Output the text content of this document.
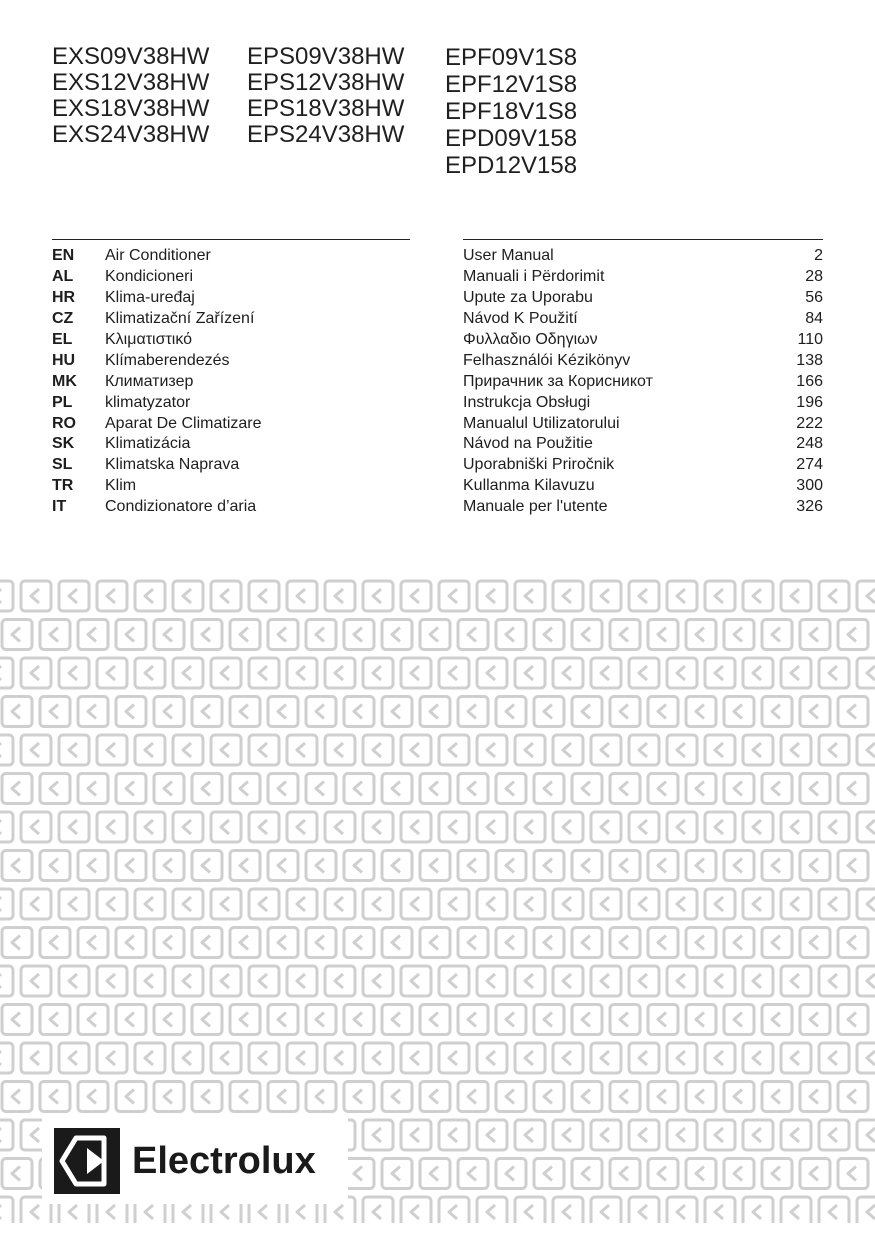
EXS09V38HW
EXS12V38HW
EXS18V38HW
EXS24V38HW
EPS09V38HW
EPS12V38HW
EPS18V38HW
EPS24V38HW
EPF09V1S8
EPF12V1S8
EPF18V1S8
EPD09V158
EPD12V158
EN	Air Conditioner
AL	Kondicioneri
HR	Klima-uređaj
CZ	Klimatizační Zařízení
EL	Κλιματιστικό
HU	Klímaberendezés
MK	Климатизер
PL	klimatyzator
RO	Aparat De Climatizare
SK	Klimatizácia
SL	Klimatska Naprava
TR	Klim
IT	Condizionatore d’aria
User Manual	2
Manuali i Përdorimit	28
Upute za Uporabu	56
Návod K Použití	84
Φυλλαδιο Οδηγιων	110
Felhasználói Kézikönyv	138
Прирачник за Корисникот	166
Instrukcja Obsługi	196
Manualul Utilizatorului	222
Návod na Použitie	248
Uporabniški Priročnik	274
Kullanma Kilavuzu	300
Manuale per l'utente	326
Electrolux
